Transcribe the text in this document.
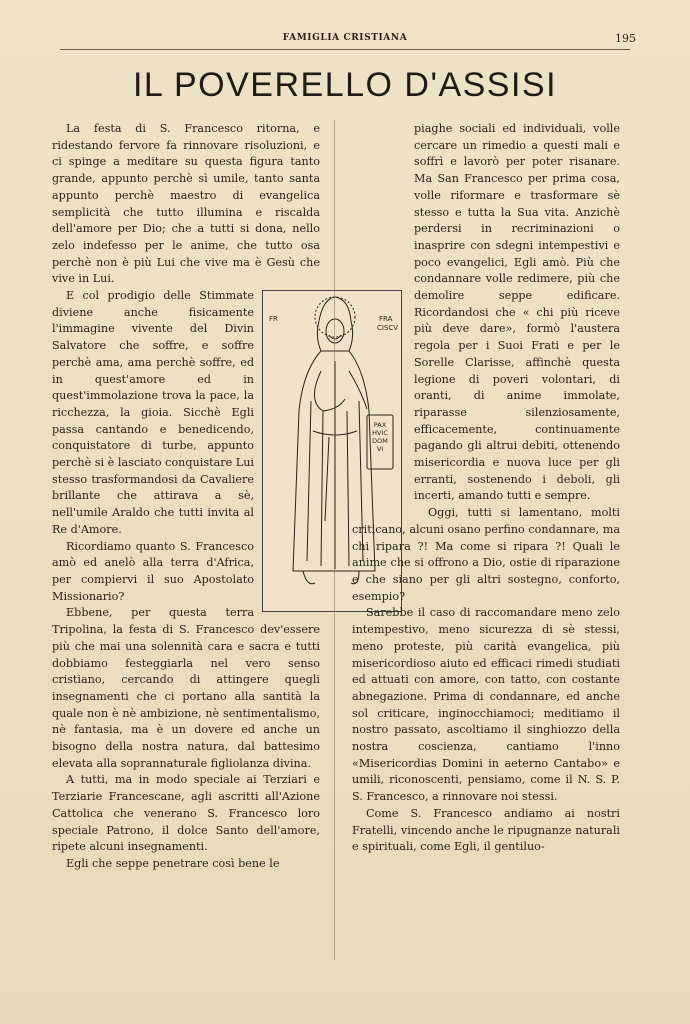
FAMIGLIA CRISTIANA	195
IL POVERELLO D'ASSISI

La festa di S. Francesco ritorna, e ridestando fervore fa rinnovare risoluzioni, e ci spinge a meditare su questa figura tanto grande, appunto perchè sì umile, tanto santa appunto perchè maestro di evangelica semplicità che tutto illumina e riscalda dell'amore per Dio; che a tutti si dona, nello zelo indefesso per le anime, che tutto osa perchè non è più Lui che vive ma è Gesù che vive in Lui.

FR	FRA
CISCV
PAX
HVIC
DOM
VI

E col prodigio delle Stimmate diviene anche fisicamente l'immagine vivente del Divin Salvatore che soffre, e soffre perchè ama, ama perchè soffre, ed in quest'amore ed in quest'immolazione trova la pace, la ricchezza, la gioia. Sicchè Egli passa cantando e benedicendo, conquistatore di turbe, appunto perchè si è lasciato conquistare Lui stesso trasformandosi da Cavaliere brillante che attirava a sè, nell'umile Araldo che tutti invita al Re d'Amore.

Ricordiamo quanto S. Francesco amò ed anelò alla terra d'Africa, per compiervi il suo Apostolato Missionario?

Ebbene, per questa terra Tripolina, la festa di S. Francesco dev'essere più che mai una solennità cara e sacra e tutti dobbiamo festeggiarla nel vero senso cristiano, cercando di attingere quegli insegnamenti che ci portano alla santità la quale non è nè ambizione, nè sentimentalismo, nè fantasia, ma è un dovere ed anche un bisogno della nostra natura, dal battesimo elevata alla soprannaturale figliolanza divina.

A tutti, ma in modo speciale ai Terziari e Terziarie Francescane, agli ascritti all'Azione Cattolica che venerano S. Francesco loro speciale Patrono, il dolce Santo dell'amore, ripete alcuni insegnamenti.

Egli che seppe penetrare così bene le

piaghe sociali ed individuali, volle cercare un rimedio a questi mali e soffrì e lavorò per poter risanare. Ma San Francesco per prima cosa, volle riformare e trasformare sè stesso e tutta la Sua vita. Anzichè perdersi in recriminazioni o inasprire con sdegni intempestivi e poco evangelici, Egli amò. Più che condannare volle redimere, più che demolire seppe edificare. Ricordandosi che « chi più riceve più deve dare», formò l'austera regola per i Suoi Frati e per le Sorelle Clarisse, affinchè questa legione di poveri volontari, di oranti, di anime immolate, riparasse silenziosamente, efficacemente, continuamente pagando gli altrui debiti, ottenendo misericordia e nuova luce per gli erranti, sostenendo i deboli, gli incerti, amando tutti e sempre.

Oggi, tutti si lamentano, molti criticano, alcuni osano perfino condannare, ma chi ripara ?! Ma come si ripara ?! Quali le anime che si offrono a Dio, ostie di riparazione e che siano per gli altri sostegno, conforto, esempio?

Sarebbe il caso di raccomandare meno zelo intempestivo, meno sicurezza di sè stessi, meno proteste, più carità evangelica, più misericordioso aiuto ed efficaci rimedi studiati ed attuati con amore, con tatto, con costante abnegazione. Prima di condannare, ed anche sol criticare, inginocchiamoci; meditiamo il nostro passato, ascoltiamo il singhiozzo della nostra coscienza, cantiamo l'inno «Misericordias Domini in aeterno Cantabo» e umili, riconoscenti, pensiamo, come il N. S. P. S. Francesco, a rinnovare noi stessi.

Come S. Francesco andiamo ai nostri Fratelli, vincendo anche le ripugnanze naturali e spirituali, come Egli, il gentiluo-
